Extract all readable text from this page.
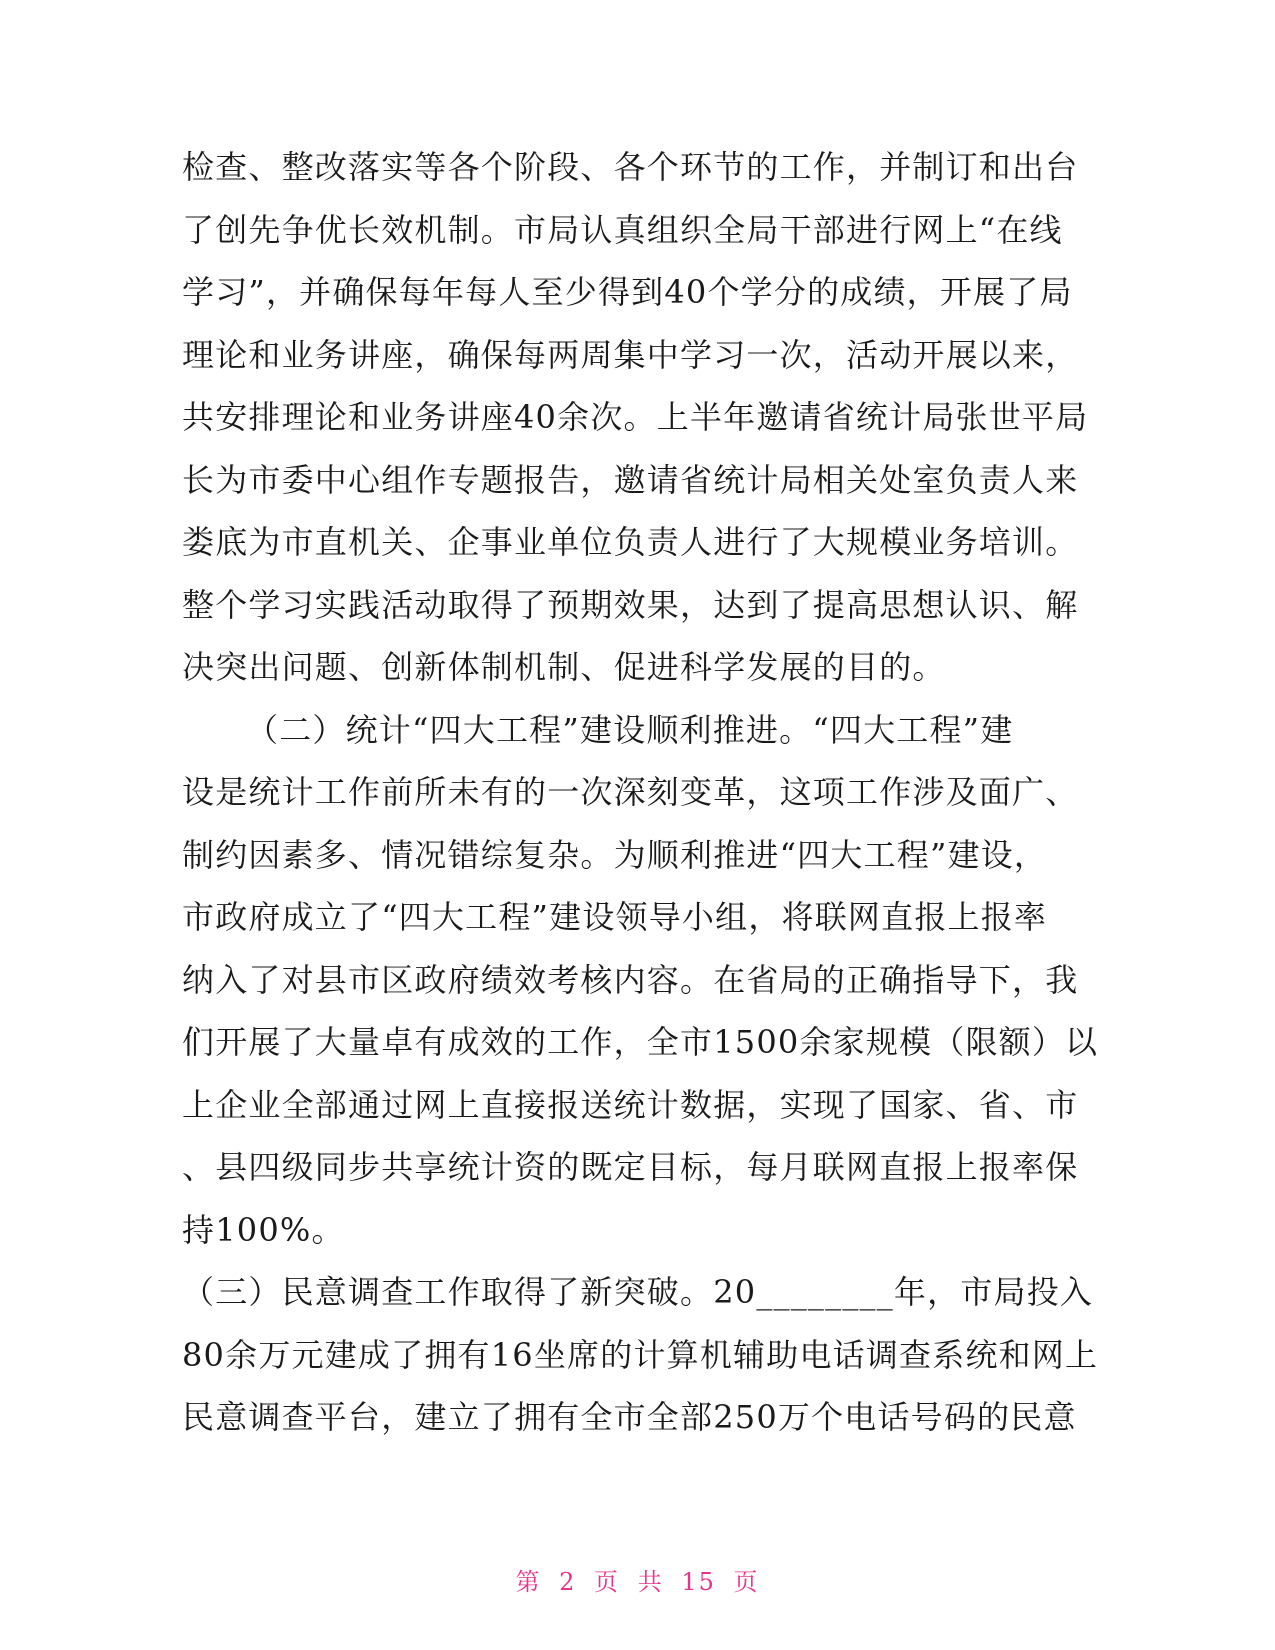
检查、整改落实等各个阶段、各个环节的工作，并制订和出台
了创先争优长效机制。市局认真组织全局干部进行网上“在线
学习”，并确保每年每人至少得到40个学分的成绩，开展了局
理论和业务讲座，确保每两周集中学习一次，活动开展以来，
共安排理论和业务讲座40余次。上半年邀请省统计局张世平局
长为市委中心组作专题报告，邀请省统计局相关处室负责人来
娄底为市直机关、企事业单位负责人进行了大规模业务培训。
整个学习实践活动取得了预期效果，达到了提高思想认识、解
决突出问题、创新体制机制、促进科学发展的目的。
（二）统计“四大工程”建设顺利推进。“四大工程”建
设是统计工作前所未有的一次深刻变革，这项工作涉及面广、
制约因素多、情况错综复杂。为顺利推进“四大工程”建设，
市政府成立了“四大工程”建设领导小组，将联网直报上报率
纳入了对县市区政府绩效考核内容。在省局的正确指导下，我
们开展了大量卓有成效的工作，全市1500余家规模（限额）以
上企业全部通过网上直接报送统计数据，实现了国家、省、市
、县四级同步共享统计资的既定目标，每月联网直报上报率保
持100%。
（三）民意调查工作取得了新突破。20________年，市局投入
80余万元建成了拥有16坐席的计算机辅助电话调查系统和网上
民意调查平台，建立了拥有全市全部250万个电话号码的民意
第 2 页 共 15 页
